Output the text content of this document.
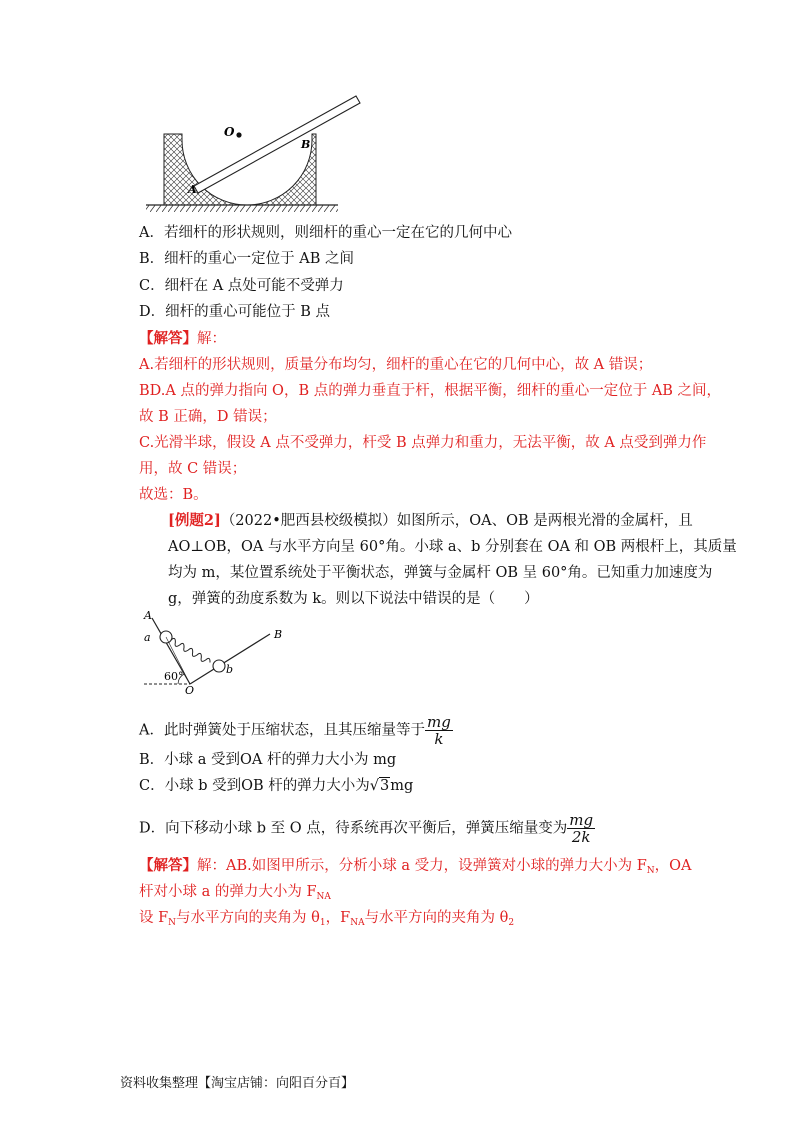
O
A
B
A．若细杆的形状规则，则细杆的重心一定在它的几何中心
B．细杆的重心一定位于 AB 之间
C．细杆在 A 点处可能不受弹力
D．细杆的重心可能位于 B 点
【解答】解：
A.若细杆的形状规则，质量分布均匀，细杆的重心在它的几何中心，故 A 错误；
BD.A 点的弹力指向 O，B 点的弹力垂直于杆，根据平衡，细杆的重心一定位于 AB 之间，
故 B 正确，D 错误；
C.光滑半球，假设 A 点不受弹力，杆受 B 点弹力和重力，无法平衡，故 A 点受到弹力作
用，故 C 错误；
故选：B。
[例题2]（2022•肥西县校级模拟）如图所示，OA、OB 是两根光滑的金属杆，且
AO⊥OB，OA 与水平方向呈 60°角。小球 a、b 分别套在 OA 和 OB 两根杆上，其质量
均为 m，某位置系统处于平衡状态，弹簧与金属杆 OB 呈 60°角。已知重力加速度为
g，弹簧的劲度系数为 k。则以下说法中错误的是（　　）
A
a
b
B
O
60°
A．此时弹簧处于压缩状态，且其压缩量等于 $\frac{mg}{k}$
B．小球 a 受到OA 杆的弹力大小为 mg
C．小球 b 受到OB 杆的弹力大小为√3mg
D．向下移动小球 b 至 O 点，待系统再次平衡后，弹簧压缩量变为 $\frac{mg}{2k}$
【解答】解：AB.如图甲所示，分析小球 a 受力，设弹簧对小球的弹力大小为 $F_N$，OA
杆对小球 a 的弹力大小为 $F_{NA}$
设 $F_N$与水平方向的夹角为 $\theta_1$，$F_{NA}$与水平方向的夹角为 $\theta_2$
资料收集整理【淘宝店铺：向阳百分百】
